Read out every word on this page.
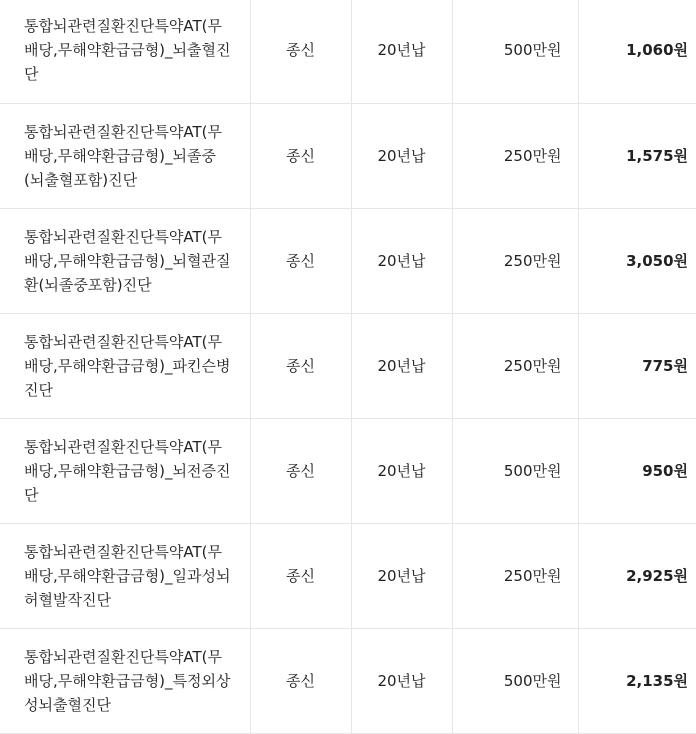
통합뇌관련질환진단특약AT(무배당,무해약환급금형)_뇌출혈진단	종신	20년납	500만원	1,060원
통합뇌관련질환진단특약AT(무배당,무해약환급금형)_뇌졸중(뇌출혈포함)진단	종신	20년납	250만원	1,575원
통합뇌관련질환진단특약AT(무배당,무해약환급금형)_뇌혈관질환(뇌졸중포함)진단	종신	20년납	250만원	3,050원
통합뇌관련질환진단특약AT(무배당,무해약환급금형)_파킨슨병진단	종신	20년납	250만원	775원
통합뇌관련질환진단특약AT(무배당,무해약환급금형)_뇌전증진단	종신	20년납	500만원	950원
통합뇌관련질환진단특약AT(무배당,무해약환급금형)_일과성뇌허혈발작진단	종신	20년납	250만원	2,925원
통합뇌관련질환진단특약AT(무배당,무해약환급금형)_특정외상성뇌출혈진단	종신	20년납	500만원	2,135원
